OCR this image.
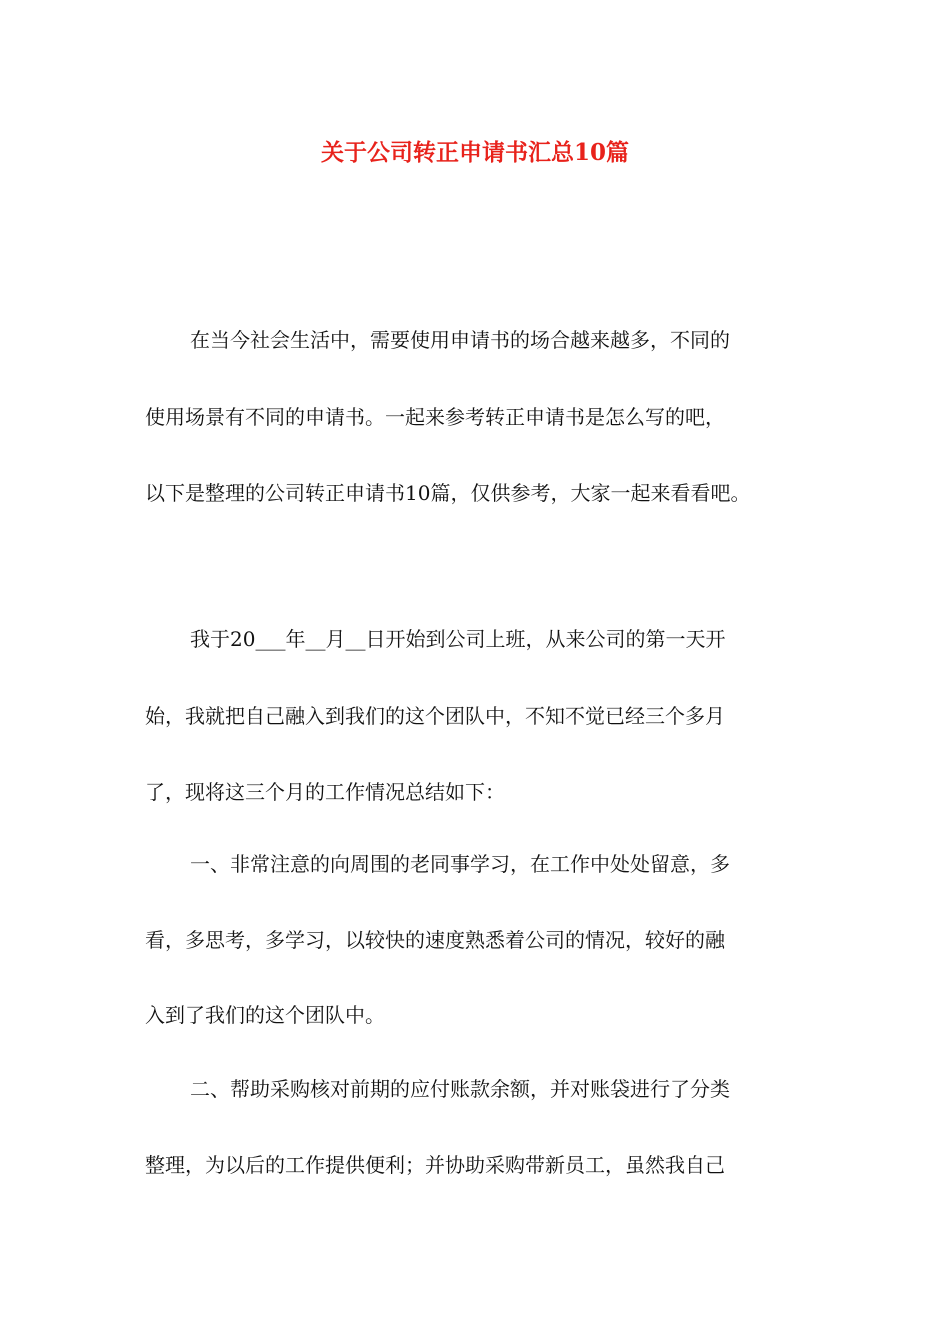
关于公司转正申请书汇总10篇

在当今社会生活中，需要使用申请书的场合越来越多，不同的

使用场景有不同的申请书。一起来参考转正申请书是怎么写的吧，

以下是整理的公司转正申请书10篇，仅供参考，大家一起来看看吧。

我于20___年__月__日开始到公司上班，从来公司的第一天开

始，我就把自己融入到我们的这个团队中，不知不觉已经三个多月

了，现将这三个月的工作情况总结如下：

一、非常注意的向周围的老同事学习，在工作中处处留意，多

看，多思考，多学习，以较快的速度熟悉着公司的情况，较好的融

入到了我们的这个团队中。

二、帮助采购核对前期的应付账款余额，并对账袋进行了分类

整理，为以后的工作提供便利；并协助采购带新员工，虽然我自己
